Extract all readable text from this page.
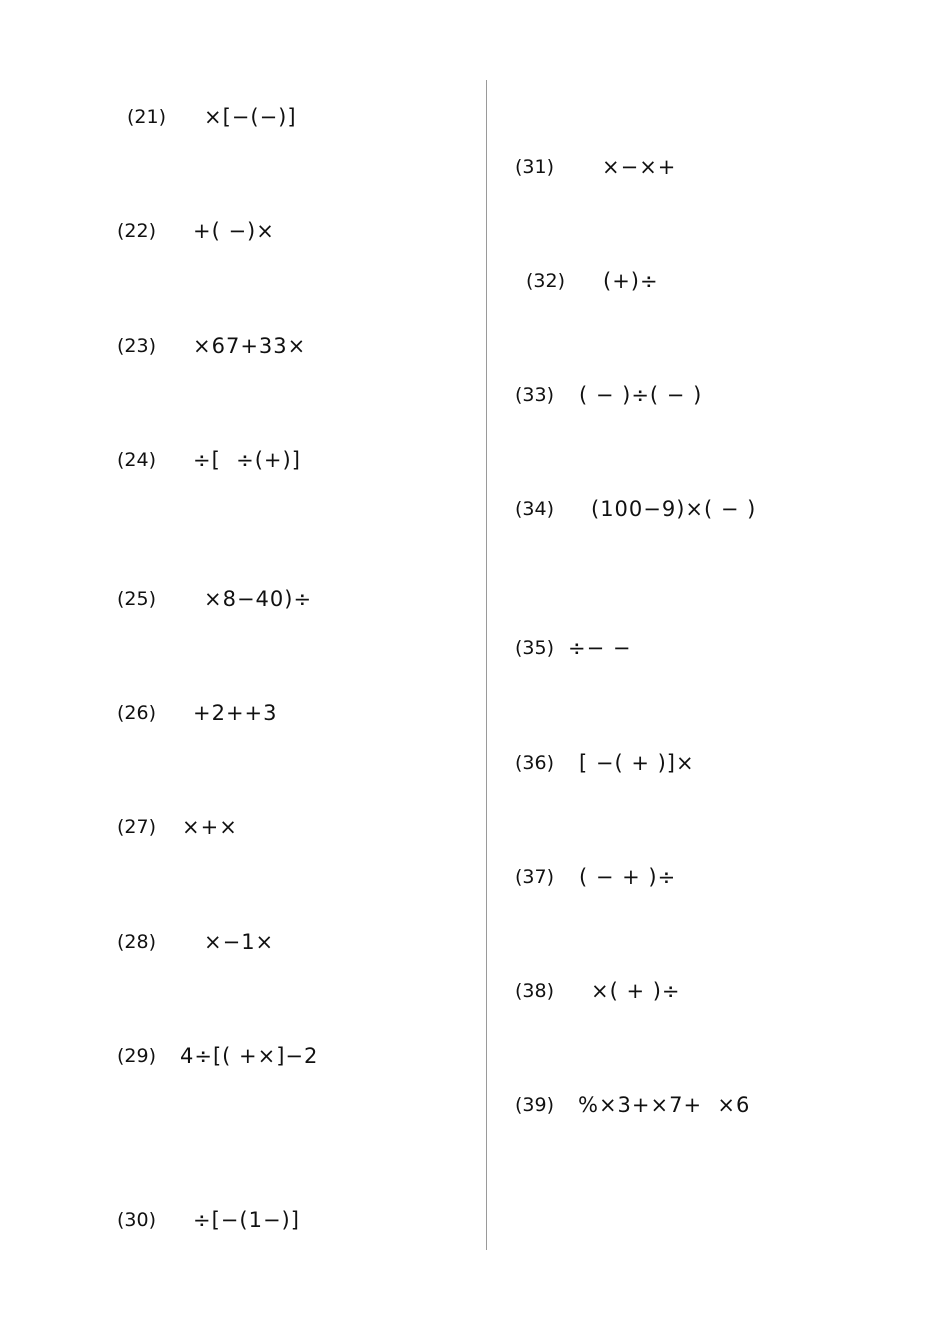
(21)

×[−(−)]

(22)

+( −)×

(23)

×67+33×

(24)

÷[  ÷(+)]

(25)

×8−40)÷

(26)

+2++3

(27)

×+×

(28)

×−1×

(29)

4÷[( +×]−2

(30)

÷[−(1−)]

(31)

×−×+

(32)

(+)÷

(33)

( − )÷( − )

(34)

(100−9)×( − )

(35)

÷− −

(36)

[ −( + )]×

(37)

( − + )÷

(38)

×( + )÷

(39)

%×3+×7+  ×6
